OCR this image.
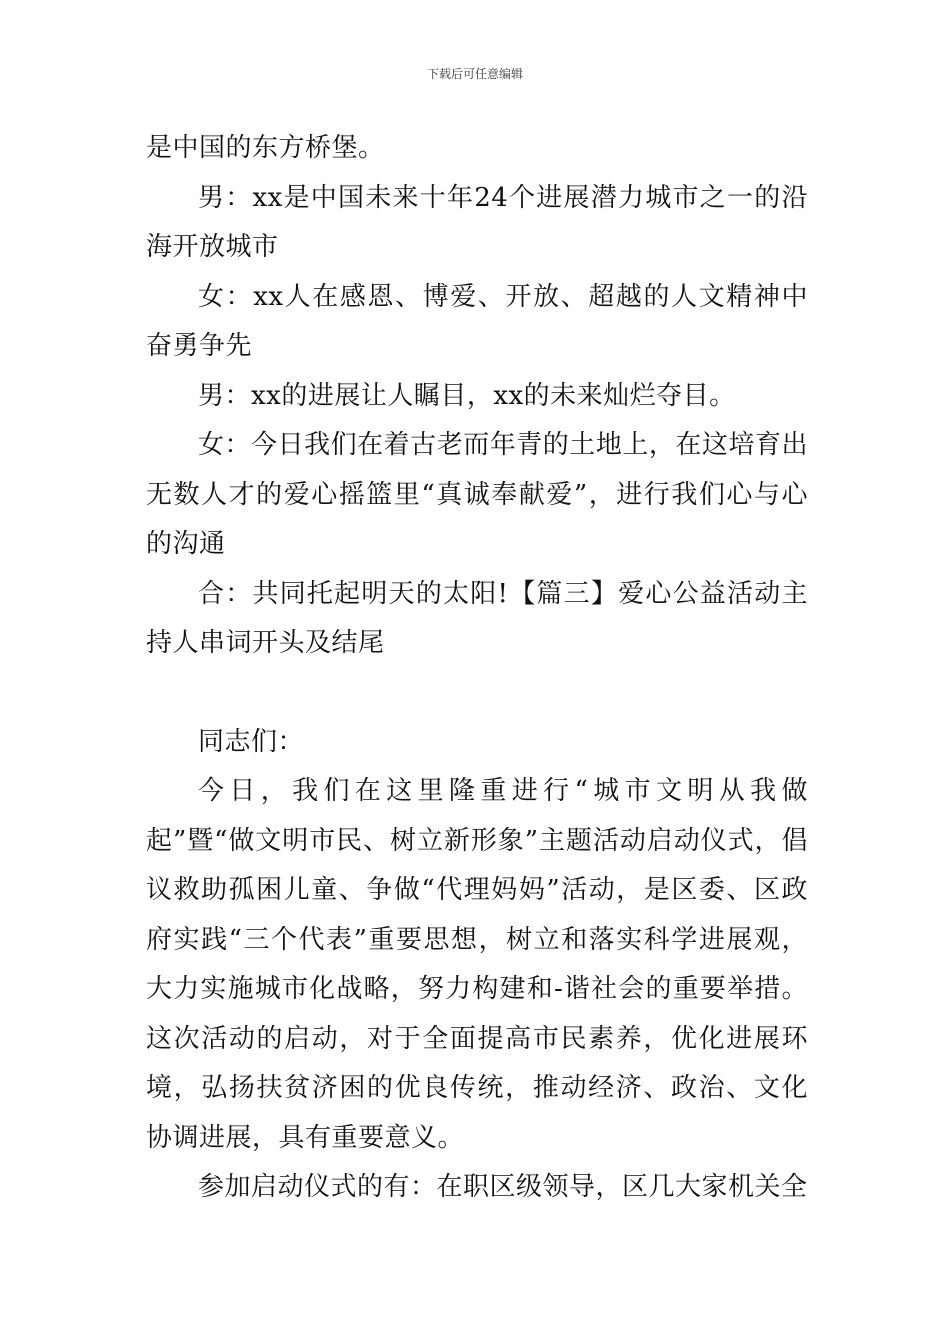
下载后可任意编辑

是中国的东方桥堡。

男：xx是中国未来十年24个进展潜力城市之一的沿海开放城市

女：xx人在感恩、博爱、开放、超越的人文精神中奋勇争先

男：xx的进展让人瞩目，xx的未来灿烂夺目。

女：今日我们在着古老而年青的土地上，在这培育出无数人才的爱心摇篮里“真诚奉献爱”，进行我们心与心的沟通

合：共同托起明天的太阳!【篇三】爱心公益活动主持人串词开头及结尾

同志们：

今日，我们在这里隆重进行“城市文明从我做起”暨“做文明市民、树立新形象”主题活动启动仪式，倡议救助孤困儿童、争做“代理妈妈”活动，是区委、区政府实践“三个代表”重要思想，树立和落实科学进展观，大力实施城市化战略，努力构建和-谐社会的重要举措。这次活动的启动，对于全面提高市民素养，优化进展环境，弘扬扶贫济困的优良传统，推动经济、政治、文化协调进展，具有重要意义。

参加启动仪式的有：在职区级领导，区几大家机关全
